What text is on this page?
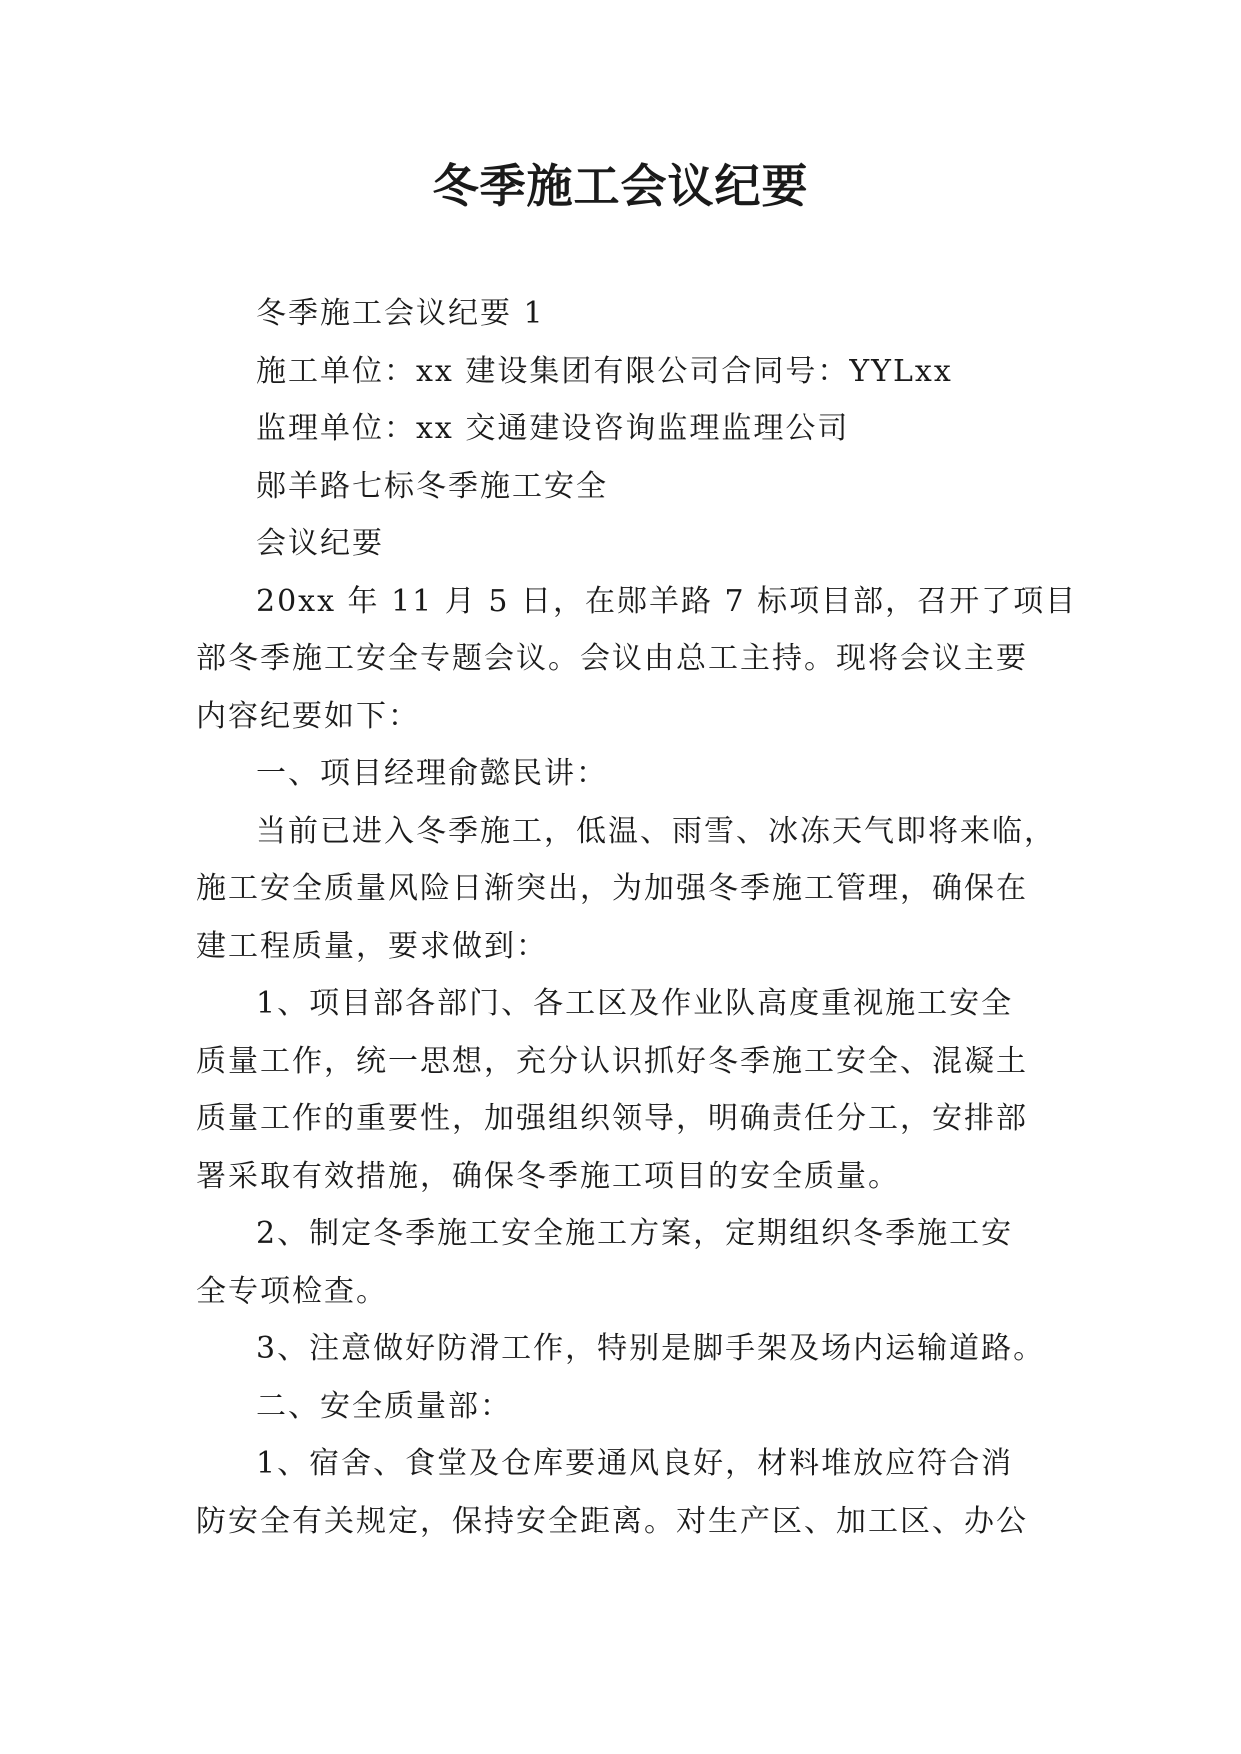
冬季施工会议纪要

冬季施工会议纪要 1

施工单位：xx 建设集团有限公司合同号：YYLxx

监理单位：xx 交通建设咨询监理监理公司

郧羊路七标冬季施工安全

会议纪要

20xx 年 11 月 5 日，在郧羊路 7 标项目部，召开了项目

部冬季施工安全专题会议。会议由总工主持。现将会议主要

内容纪要如下：

一、项目经理俞懿民讲：

当前已进入冬季施工，低温、雨雪、冰冻天气即将来临，

施工安全质量风险日渐突出，为加强冬季施工管理，确保在

建工程质量，要求做到：

1、项目部各部门、各工区及作业队高度重视施工安全

质量工作，统一思想，充分认识抓好冬季施工安全、混凝土

质量工作的重要性，加强组织领导，明确责任分工，安排部

署采取有效措施，确保冬季施工项目的安全质量。

2、制定冬季施工安全施工方案，定期组织冬季施工安

全专项检查。

3、注意做好防滑工作，特别是脚手架及场内运输道路。

二、安全质量部：

1、宿舍、食堂及仓库要通风良好，材料堆放应符合消

防安全有关规定，保持安全距离。对生产区、加工区、办公
